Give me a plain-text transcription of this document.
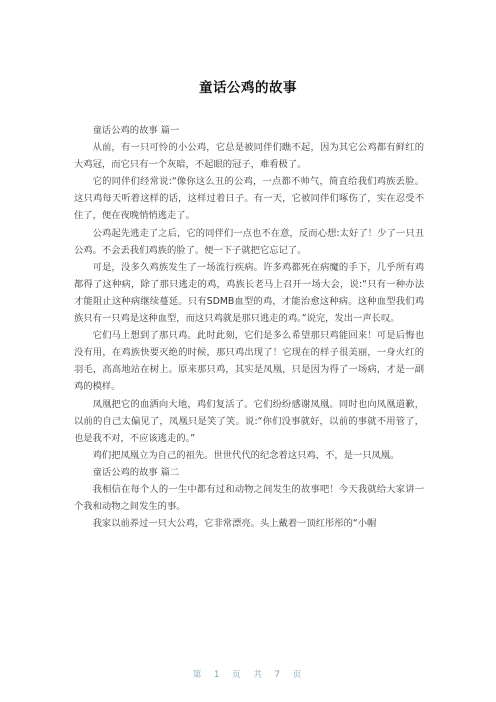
童话公鸡的故事

童话公鸡的故事 篇一

从前，有一只可怜的小公鸡，它总是被同伴们瞧不起，因为其它公鸡都有鲜红的大鸡冠，而它只有一个灰暗，不起眼的冠子，难看极了。

它的同伴们经常说:“像你这么丑的公鸡，一点都不帅气，简直给我们鸡族丢脸。这只鸡每天听着这样的话，这样过着日子。有一天，它被同伴们啄伤了，实在忍受不住了，便在夜晚悄悄逃走了。

公鸡起先逃走了之后，它的同伴们一点也不在意，反而心想:太好了！少了一只丑公鸡。不会丢我们鸡族的脸了。便一下子就把它忘记了。

可是，没多久鸡族发生了一场流行疾病。许多鸡都死在病魔的手下，几乎所有鸡都得了这种病，除了那只逃走的鸡，鸡族长老马上召开一场大会，说:“只有一种办法才能阻止这种病继续蔓延。只有SDMB血型的鸡，才能治愈这种病。这种血型我们鸡族只有一只鸡是这种血型，而这只鸡就是那只逃走的鸡。”说完，发出一声长叹。

它们马上想到了那只鸡。此时此刻，它们是多么希望那只鸡能回来！可是后悔也没有用，在鸡族快要灭绝的时候，那只鸡出现了！它现在的样子很美丽，一身火红的羽毛，高高地站在树上。原来那只鸡，其实是凤凰，只是因为得了一场病，才是一副鸡的模样。

凤凰把它的血洒向大地，鸡们复活了。它们纷纷感谢凤凰。同时也向凤凰道歉，以前的自己太偏见了，凤凰只是笑了笑。说:“你们没事就好，以前的事就不用管了，也是我不对，不应该逃走的。”

鸡们把凤凰立为自己的祖先。世世代代的纪念着这只鸡，不，是一只凤凰。

童话公鸡的故事 篇二

我相信在每个人的一生中都有过和动物之间发生的故事吧！今天我就给大家讲一个我和动物之间发生的事。

我家以前养过一只大公鸡，它非常漂亮。头上戴着一顶红彤彤的“小帽

第 1 页 共 7 页
